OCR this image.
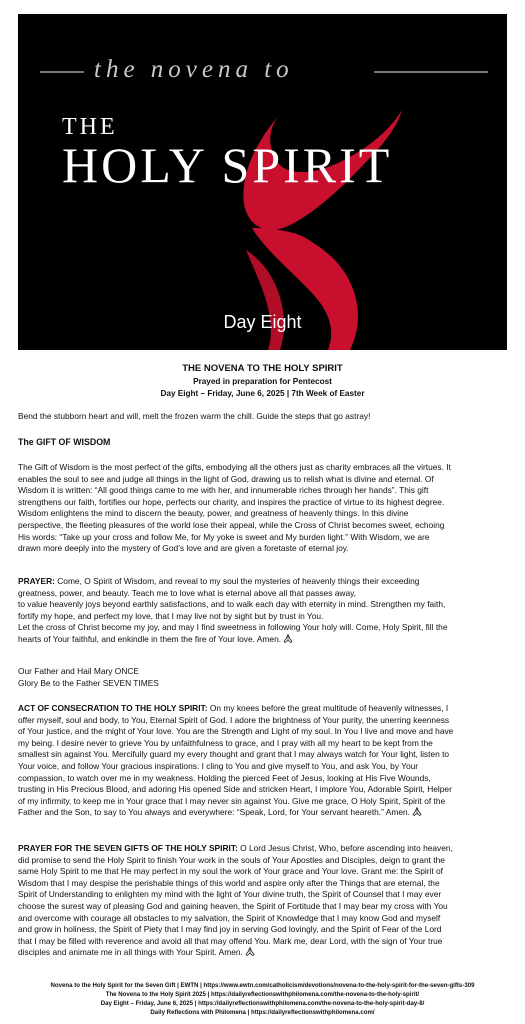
the novena to
THE
HOLY SPIRIT
Day Eight
THE NOVENA TO THE HOLY SPIRIT
Prayed in preparation for Pentecost
Day Eight – Friday, June 6, 2025 | 7th Week of Easter
Bend the stubborn heart and will, melt the frozen warm the chill. Guide the steps that go astray!
The GIFT OF WISDOM
The Gift of Wisdom is the most perfect of the gifts, embodying all the others just as charity embraces all the virtues. It
enables the soul to see and judge all things in the light of God, drawing us to relish what is divine and eternal. Of
Wisdom it is written: “All good things came to me with her, and innumerable riches through her hands”. This gift
strengthens our faith, fortifies our hope, perfects our charity, and inspires the practice of virtue to its highest degree.
Wisdom enlightens the mind to discern the beauty, power, and greatness of heavenly things. In this divine
perspective, the fleeting pleasures of the world lose their appeal, while the Cross of Christ becomes sweet, echoing
His words: “Take up your cross and follow Me, for My yoke is sweet and My burden light.” With Wisdom, we are
drawn more deeply into the mystery of God’s love and are given a foretaste of eternal joy.
PRAYER: Come, O Spirit of Wisdom, and reveal to my soul the mysteries of heavenly things their exceeding
greatness, power, and beauty. Teach me to love what is eternal above all that passes away,
to value heavenly joys beyond earthly satisfactions, and to walk each day with eternity in mind. Strengthen my faith,
fortify my hope, and perfect my love, that I may live not by sight but by trust in You.
Let the cross of Christ become my joy, and may I find sweetness in following Your holy will. Come, Holy Spirit, fill the
hearts of Your faithful, and enkindle in them the fire of Your love. Amen.
Our Father and Hail Mary ONCE
Glory Be to the Father SEVEN TIMES
ACT OF CONSECRATION TO THE HOLY SPIRIT: On my knees before the great multitude of heavenly witnesses, I
offer myself, soul and body, to You, Eternal Spirit of God. I adore the brightness of Your purity, the unerring keenness
of Your justice, and the might of Your love. You are the Strength and Light of my soul. In You I live and move and have
my being. I desire never to grieve You by unfaithfulness to grace, and I pray with all my heart to be kept from the
smallest sin against You. Mercifully guard my every thought and grant that I may always watch for Your light, listen to
Your voice, and follow Your gracious inspirations. I cling to You and give myself to You, and ask You, by Your
compassion, to watch over me in my weakness. Holding the pierced Feet of Jesus, looking at His Five Wounds,
trusting in His Precious Blood, and adoring His opened Side and stricken Heart, I implore You, Adorable Spirit, Helper
of my infirmity, to keep me in Your grace that I may never sin against You. Give me grace, O Holy Spirit, Spirit of the
Father and the Son, to say to You always and everywhere: “Speak, Lord, for Your servant heareth.” Amen.
PRAYER FOR THE SEVEN GIFTS OF THE HOLY SPIRIT: O Lord Jesus Christ, Who, before ascending into heaven,
did promise to send the Holy Spirit to finish Your work in the souls of Your Apostles and Disciples, deign to grant the
same Holy Spirit to me that He may perfect in my soul the work of Your grace and Your love. Grant me: the Spirit of
Wisdom that I may despise the perishable things of this world and aspire only after the Things that are eternal, the
Spirit of Understanding to enlighten my mind with the light of Your divine truth, the Spirit of Counsel that I may ever
choose the surest way of pleasing God and gaining heaven, the Spirit of Fortitude that I may bear my cross with You
and overcome with courage all obstacles to my salvation, the Spirit of Knowledge that I may know God and myself
and grow in holiness, the Spirit of Piety that I may find joy in serving God lovingly, and the Spirit of Fear of the Lord
that I may be filled with reverence and avoid all that may offend You. Mark me, dear Lord, with the sign of Your true
disciples and animate me in all things with Your Spirit. Amen.
Novena to the Holy Spirit for the Seven Gift | EWTN | https://www.ewtn.com/catholicism/devotions/novena-to-the-holy-spirit-for-the-seven-gifts-309
The Novena to the Holy Spirit 2025 | https://dailyreflectionswithphilomena.com/the-novena-to-the-holy-spirit/
Day Eight – Friday, June 6, 2025 | https://dailyreflectionswithphilomena.com/the-novena-to-the-holy-spirit-day-8/
Daily Reflections with Philomena | https://dailyreflectionswithphilomena.com/
